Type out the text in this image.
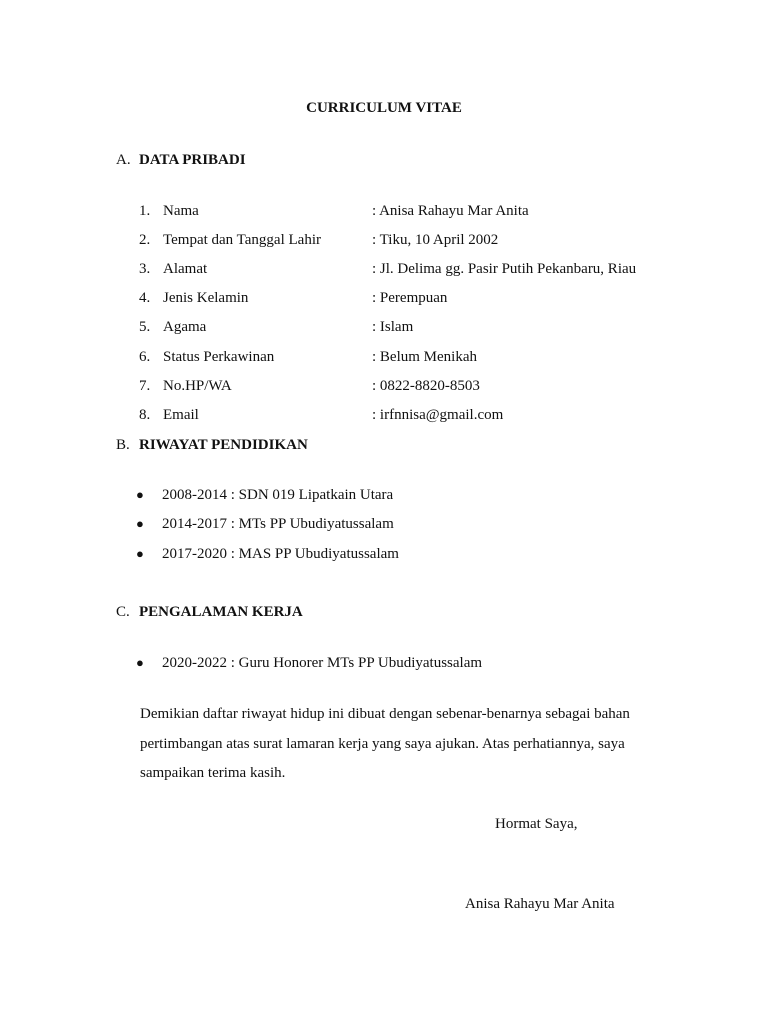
CURRICULUM VITAE
A. DATA PRIBADI
1. Nama	: Anisa Rahayu Mar Anita
2. Tempat dan Tanggal Lahir	: Tiku, 10 April 2002
3. Alamat	: Jl. Delima gg. Pasir Putih Pekanbaru, Riau
4. Jenis Kelamin	: Perempuan
5. Agama	: Islam
6. Status Perkawinan	: Belum Menikah
7. No.HP/WA	: 0822-8820-8503
8. Email	: irfnnisa@gmail.com
B. RIWAYAT PENDIDIKAN
● 2008-2014 : SDN 019 Lipatkain Utara
● 2014-2017 : MTs PP Ubudiyatussalam
● 2017-2020 : MAS PP Ubudiyatussalam
C. PENGALAMAN KERJA
● 2020-2022 : Guru Honorer MTs PP Ubudiyatussalam
Demikian daftar riwayat hidup ini dibuat dengan sebenar-benarnya sebagai bahan
pertimbangan atas surat lamaran kerja yang saya ajukan. Atas perhatiannya, saya
sampaikan terima kasih.
Hormat Saya,
Anisa Rahayu Mar Anita
